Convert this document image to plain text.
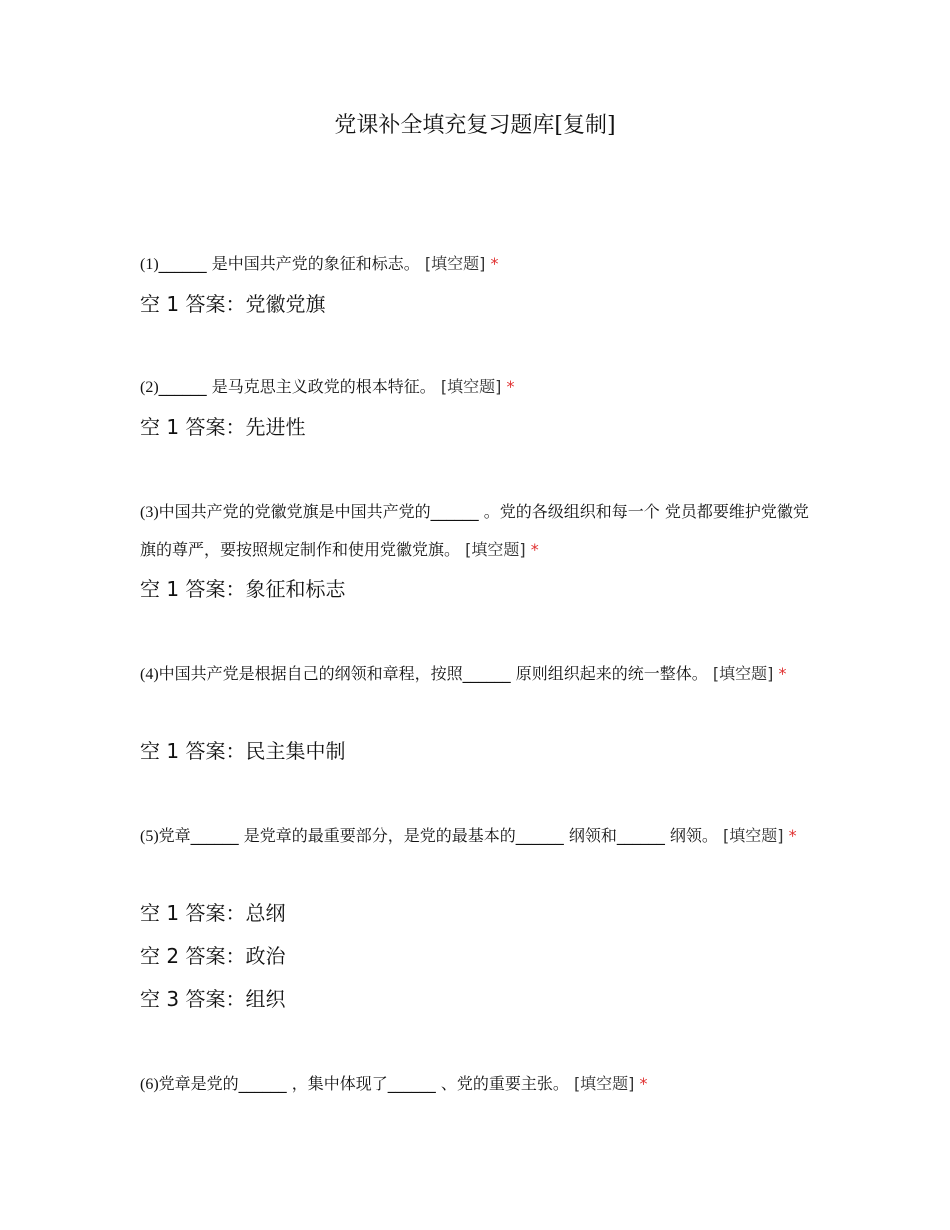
党课补全填充复习题库[复制]

(1)______ 是中国共产党的象征和标志。 [填空题] *

空 1 答案：党徽党旗

(2)______ 是马克思主义政党的根本特征。 [填空题] *

空 1 答案：先进性

(3)中国共产党的党徽党旗是中国共产党的______ 。党的各级组织和每一个 党员都要维护党徽党旗的尊严，要按照规定制作和使用党徽党旗。 [填空题] *

空 1 答案：象征和标志

(4)中国共产党是根据自己的纲领和章程，按照______ 原则组织起来的统一整体。 [填空题] *

空 1 答案：民主集中制

(5)党章______ 是党章的最重要部分，是党的最基本的______ 纲领和______ 纲领。 [填空题] *

空 1 答案：总纲

空 2 答案：政治

空 3 答案：组织

(6)党章是党的______ ，集中体现了______ 、党的重要主张。 [填空题] *
